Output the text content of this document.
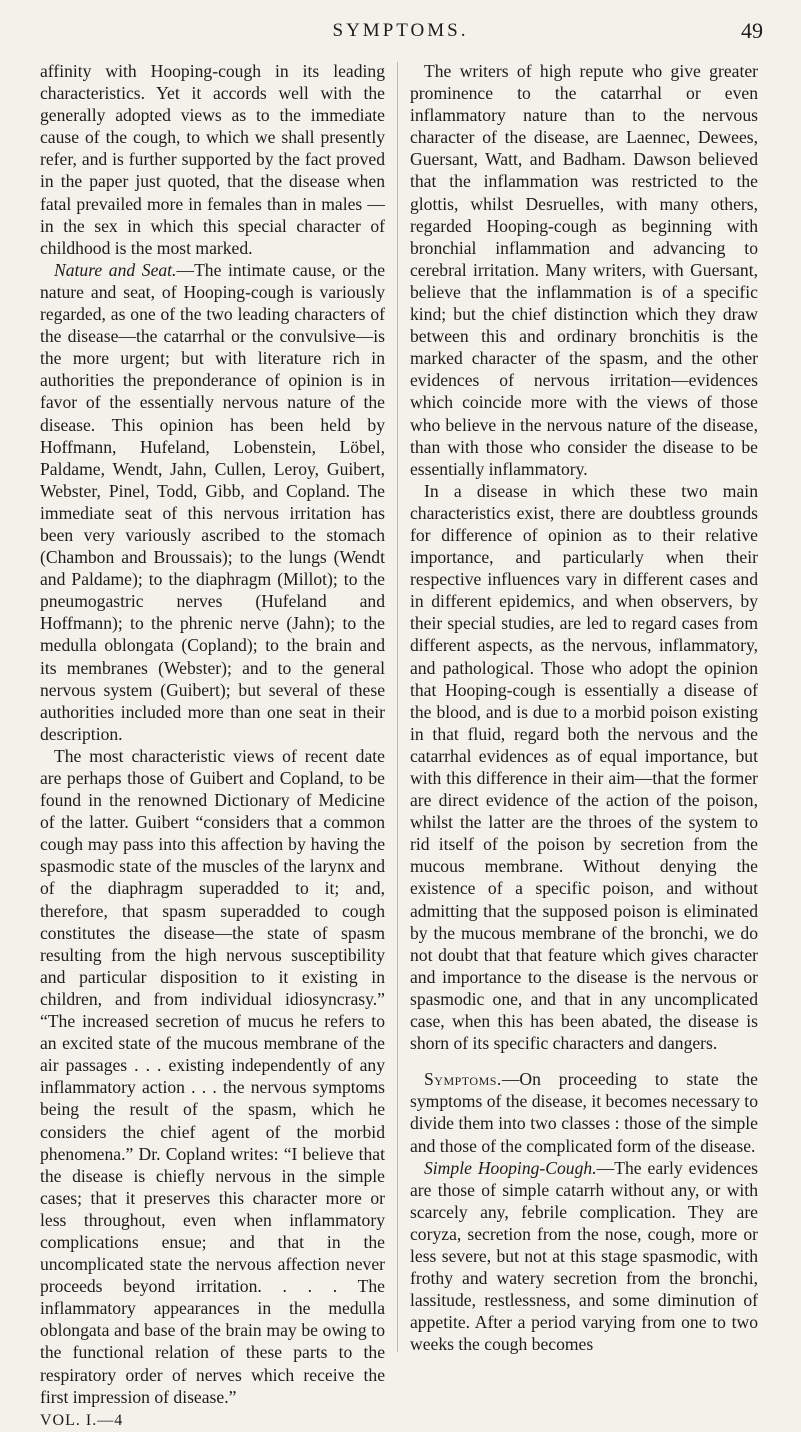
SYMPTOMS.	49

affinity with Hooping-cough in its leading characteristics. Yet it accords well with the generally adopted views as to the immediate cause of the cough, to which we shall presently refer, and is further supported by the fact proved in the paper just quoted, that the disease when fatal prevailed more in females than in males —in the sex in which this special character of childhood is the most marked.

Nature and Seat.—The intimate cause, or the nature and seat, of Hooping-cough is variously regarded, as one of the two leading characters of the disease—the catarrhal or the convulsive—is the more urgent; but with literature rich in authorities the preponderance of opinion is in favor of the essentially nervous nature of the disease. This opinion has been held by Hoffmann, Hufeland, Lobenstein, Löbel, Paldame, Wendt, Jahn, Cullen, Leroy, Guibert, Webster, Pinel, Todd, Gibb, and Copland. The immediate seat of this nervous irritation has been very variously ascribed to the stomach (Chambon and Broussais); to the lungs (Wendt and Paldame); to the diaphragm (Millot); to the pneumogastric nerves (Hufeland and Hoffmann); to the phrenic nerve (Jahn); to the medulla oblongata (Copland); to the brain and its membranes (Webster); and to the general nervous system (Guibert); but several of these authorities included more than one seat in their description.

The most characteristic views of recent date are perhaps those of Guibert and Copland, to be found in the renowned Dictionary of Medicine of the latter. Guibert “considers that a common cough may pass into this affection by having the spasmodic state of the muscles of the larynx and of the diaphragm superadded to it; and, therefore, that spasm superadded to cough constitutes the disease—the state of spasm resulting from the high nervous susceptibility and particular disposition to it existing in children, and from individual idiosyncrasy.” “The increased secretion of mucus he refers to an excited state of the mucous membrane of the air passages . . . existing independently of any inflammatory action . . . the nervous symptoms being the result of the spasm, which he considers the chief agent of the morbid phenomena.” Dr. Copland writes: “I believe that the disease is chiefly nervous in the simple cases; that it preserves this character more or less throughout, even when inflammatory complications ensue; and that in the uncomplicated state the nervous affection never proceeds beyond irritation. . . . The inflammatory appearances in the medulla oblongata and base of the brain may be owing to the functional relation of these parts to the respiratory order of nerves which receive the first impression of disease.”

VOL. I.—4

The writers of high repute who give greater prominence to the catarrhal or even inflammatory nature than to the nervous character of the disease, are Laennec, Dewees, Guersant, Watt, and Badham. Dawson believed that the inflammation was restricted to the glottis, whilst Desruelles, with many others, regarded Hooping-cough as beginning with bronchial inflammation and advancing to cerebral irritation. Many writers, with Guersant, believe that the inflammation is of a specific kind; but the chief distinction which they draw between this and ordinary bronchitis is the marked character of the spasm, and the other evidences of nervous irritation—evidences which coincide more with the views of those who believe in the nervous nature of the disease, than with those who consider the disease to be essentially inflammatory.

In a disease in which these two main characteristics exist, there are doubtless grounds for difference of opinion as to their relative importance, and particularly when their respective influences vary in different cases and in different epidemics, and when observers, by their special studies, are led to regard cases from different aspects, as the nervous, inflammatory, and pathological. Those who adopt the opinion that Hooping-cough is essentially a disease of the blood, and is due to a morbid poison existing in that fluid, regard both the nervous and the catarrhal evidences as of equal importance, but with this difference in their aim—that the former are direct evidence of the action of the poison, whilst the latter are the throes of the system to rid itself of the poison by secretion from the mucous membrane. Without denying the existence of a specific poison, and without admitting that the supposed poison is eliminated by the mucous membrane of the bronchi, we do not doubt that that feature which gives character and importance to the disease is the nervous or spasmodic one, and that in any uncomplicated case, when this has been abated, the disease is shorn of its specific characters and dangers.

Symptoms.—On proceeding to state the symptoms of the disease, it becomes necessary to divide them into two classes : those of the simple and those of the complicated form of the disease.

Simple Hooping-Cough.—The early evidences are those of simple catarrh without any, or with scarcely any, febrile complication. They are coryza, secretion from the nose, cough, more or less severe, but not at this stage spasmodic, with frothy and watery secretion from the bronchi, lassitude, restlessness, and some diminution of appetite. After a period varying from one to two weeks the cough becomes
